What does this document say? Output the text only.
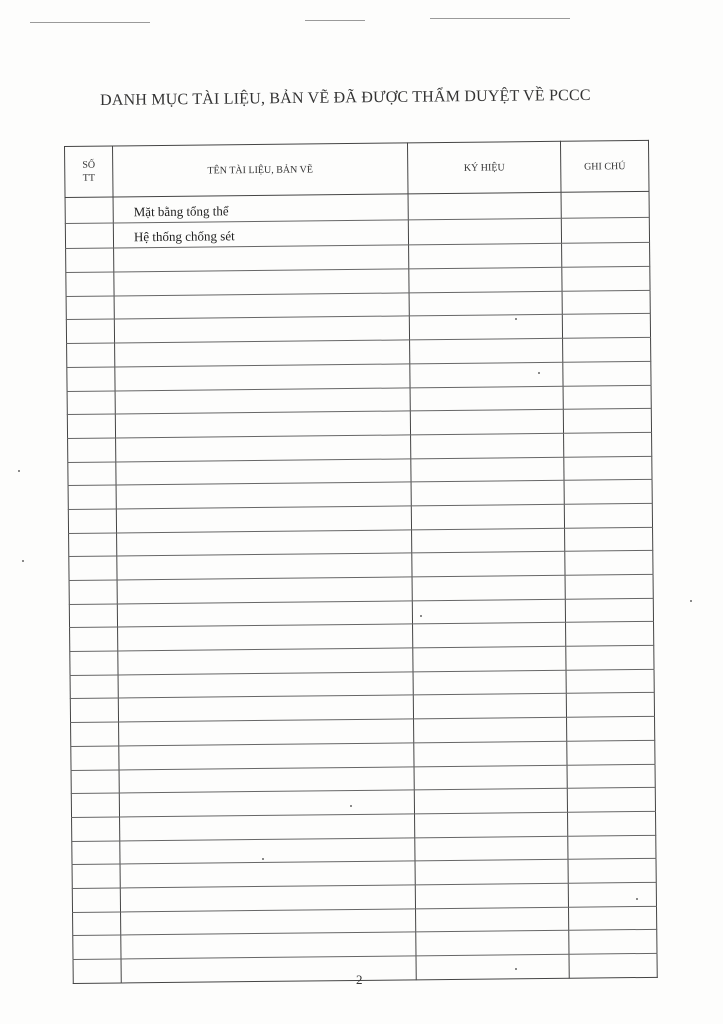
DANH MỤC TÀI LIỆU, BẢN VẼ ĐÃ ĐƯỢC THẨM DUYỆT VỀ PCCC
SỐ
TT	TÊN TÀI LIỆU, BẢN VẼ	KÝ HIỆU	GHI CHÚ
	Mặt bằng tổng thể		
	Hệ thống chống sét		

2
